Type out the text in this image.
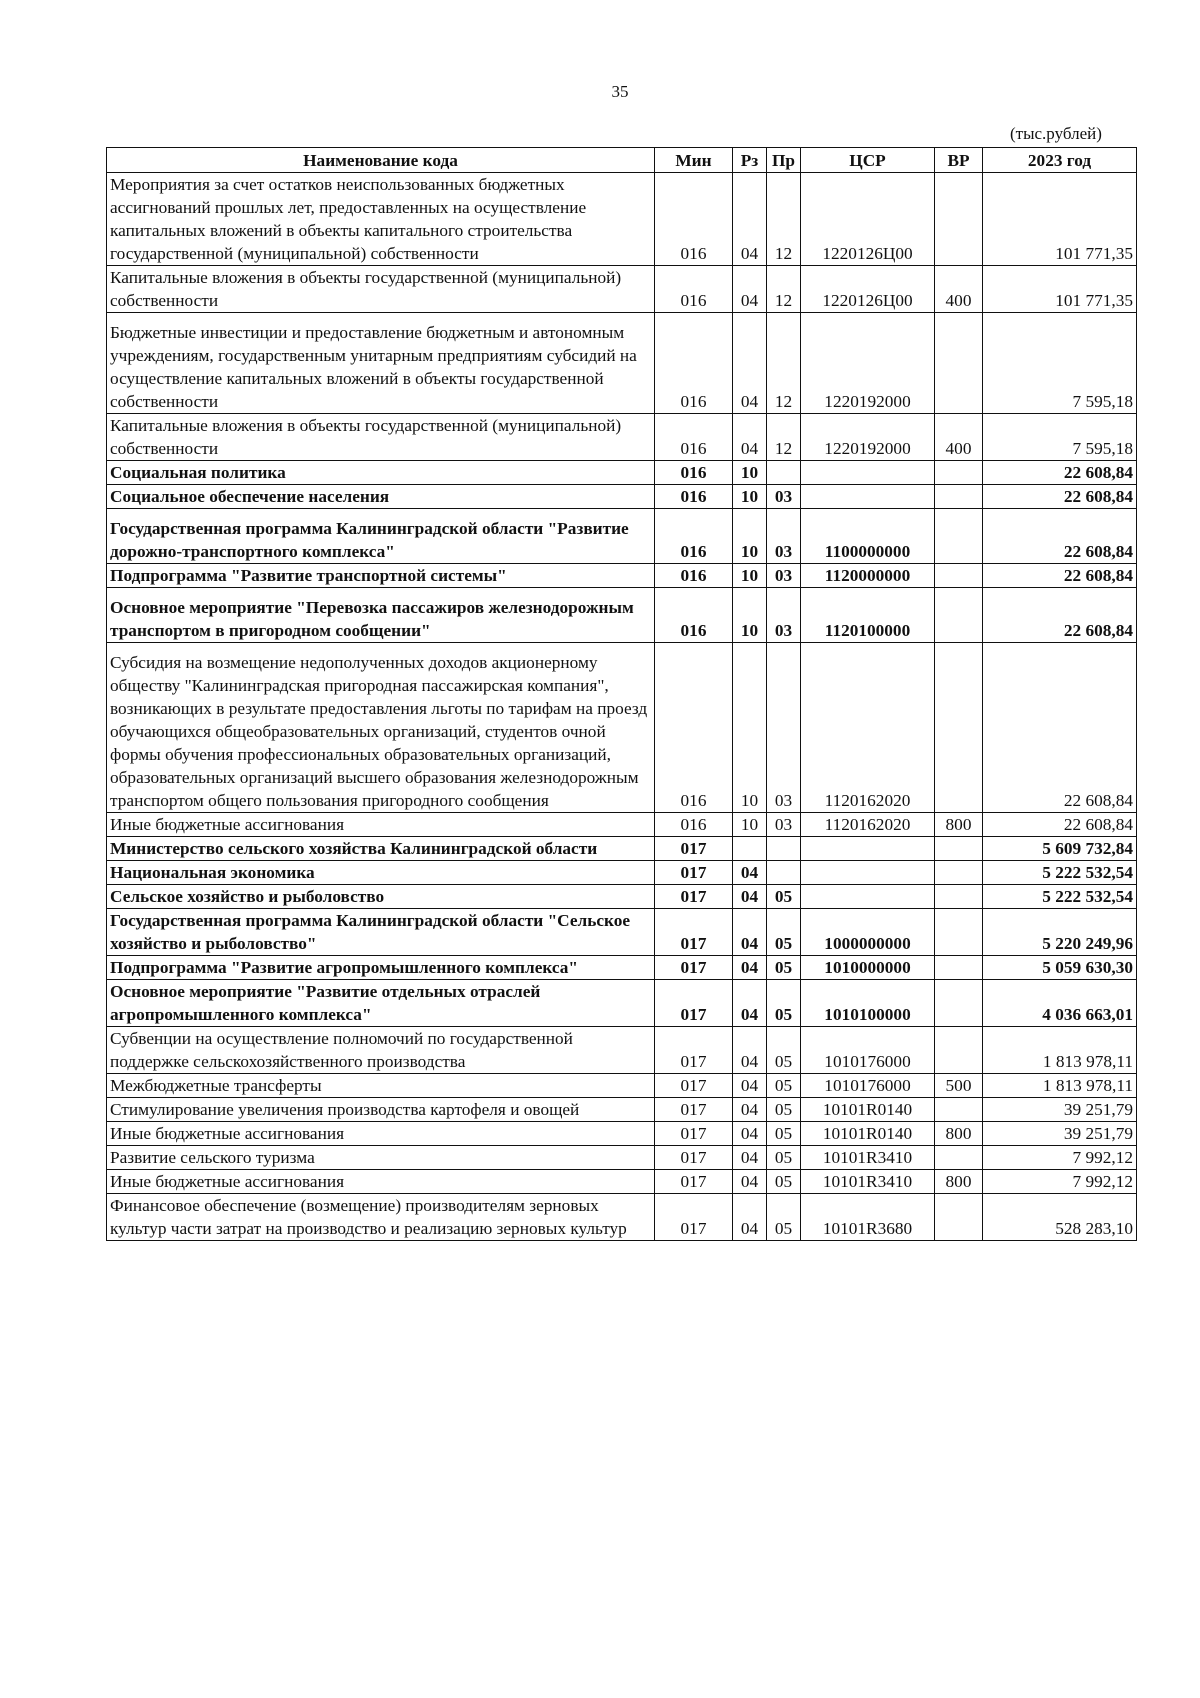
35
(тыс.рублей)
Наименование кода	Мин	Рз	Пр	ЦСР	ВР	2023 год
Мероприятия за счет остатков неиспользованных бюджетных ассигнований прошлых лет, предоставленных на осуществление капитальных вложений в объекты капитального строительства государственной (муниципальной) собственности	016	04	12	1220126Ц00		101 771,35
Капитальные вложения в объекты государственной (муниципальной) собственности	016	04	12	1220126Ц00	400	101 771,35
Бюджетные инвестиции и предоставление бюджетным и автономным учреждениям, государственным унитарным предприятиям субсидий на осуществление капитальных вложений в объекты государственной собственности	016	04	12	1220192000		7 595,18
Капитальные вложения в объекты государственной (муниципальной) собственности	016	04	12	1220192000	400	7 595,18
Социальная политика	016	10				22 608,84
Социальное обеспечение населения	016	10	03			22 608,84
Государственная программа Калининградской области "Развитие дорожно-транспортного комплекса"	016	10	03	1100000000		22 608,84
Подпрограмма "Развитие транспортной системы"	016	10	03	1120000000		22 608,84
Основное мероприятие "Перевозка пассажиров железнодорожным транспортом в пригородном сообщении"	016	10	03	1120100000		22 608,84
Субсидия на возмещение недополученных доходов акционерному обществу "Калининградская пригородная пассажирская компания", возникающих в результате предоставления льготы по тарифам на проезд обучающихся общеобразовательных организаций, студентов очной формы обучения профессиональных образовательных организаций, образовательных организаций высшего образования железнодорожным транспортом общего пользования пригородного сообщения	016	10	03	1120162020		22 608,84
Иные бюджетные ассигнования	016	10	03	1120162020	800	22 608,84
Министерство сельского хозяйства Калининградской области	017					5 609 732,84
Национальная экономика	017	04				5 222 532,54
Сельское хозяйство и рыболовство	017	04	05			5 222 532,54
Государственная программа Калининградской области "Сельское хозяйство и рыболовство"	017	04	05	1000000000		5 220 249,96
Подпрограмма "Развитие агропромышленного комплекса"	017	04	05	1010000000		5 059 630,30
Основное мероприятие "Развитие отдельных отраслей агропромышленного комплекса"	017	04	05	1010100000		4 036 663,01
Субвенции на осуществление полномочий по государственной поддержке сельскохозяйственного производства	017	04	05	1010176000		1 813 978,11
Межбюджетные трансферты	017	04	05	1010176000	500	1 813 978,11
Стимулирование увеличения производства картофеля и овощей	017	04	05	10101R0140		39 251,79
Иные бюджетные ассигнования	017	04	05	10101R0140	800	39 251,79
Развитие сельского туризма	017	04	05	10101R3410		7 992,12
Иные бюджетные ассигнования	017	04	05	10101R3410	800	7 992,12
Финансовое обеспечение (возмещение) производителям зерновых культур части затрат на производство и реализацию зерновых культур	017	04	05	10101R3680		528 283,10
